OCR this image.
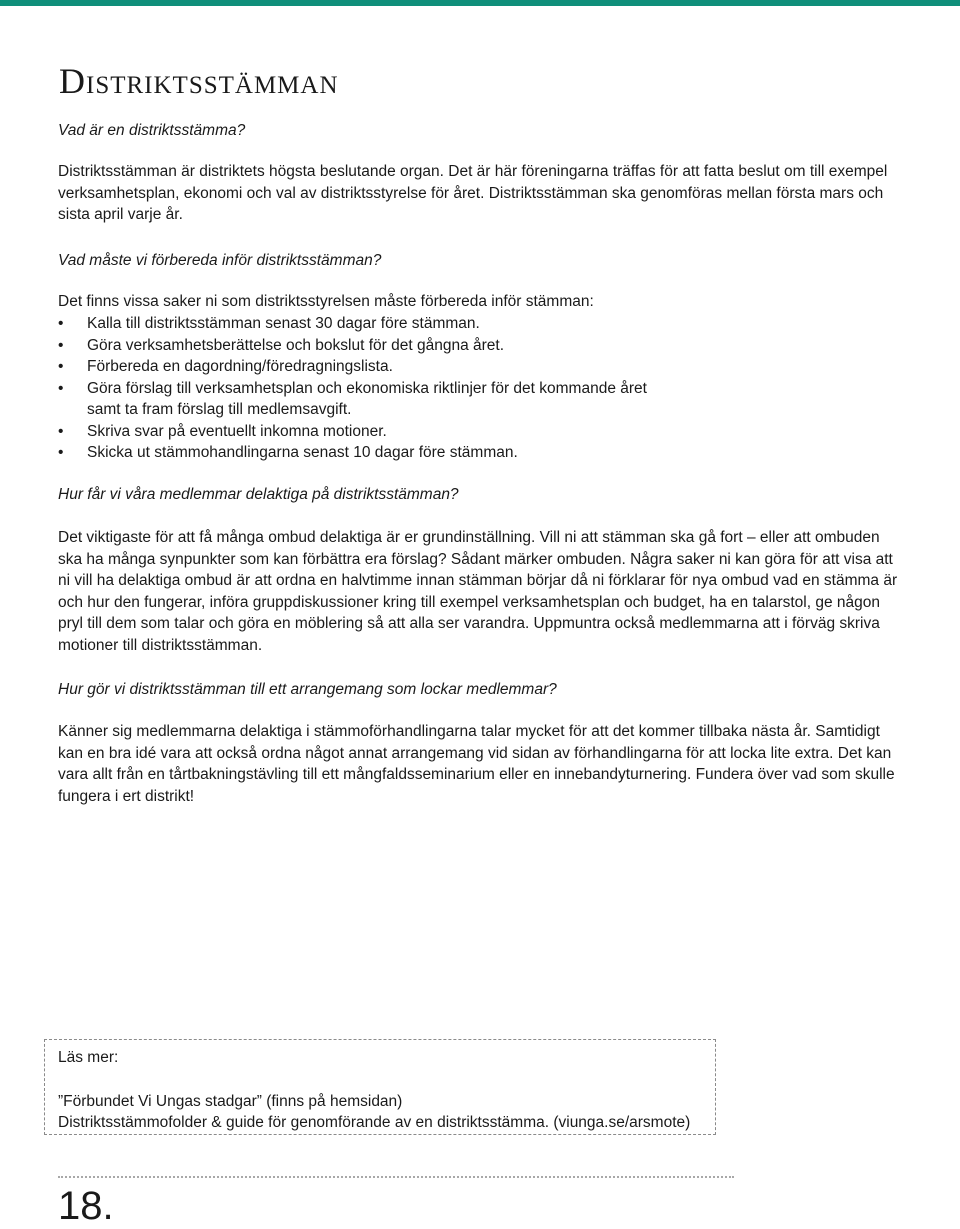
Distriktsstämman

Vad är en distriktsstämma?

Distriktsstämman är distriktets högsta beslutande organ. Det är här föreningarna träffas för att fatta beslut om till exempel verksamhetsplan, ekonomi och val av distriktsstyrelse för året. Distriktsstämman ska genomföras mellan första mars och sista april varje år.

Vad måste vi förbereda inför distriktsstämman?

Det finns vissa saker ni som distriktsstyrelsen måste förbereda inför stämman:

• Kalla till distriktsstämman senast 30 dagar före stämman.
• Göra verksamhetsberättelse och bokslut för det gångna året.
• Förbereda en dagordning/föredragningslista.
• Göra förslag till verksamhetsplan och ekonomiska riktlinjer för det kommande året samt ta fram förslag till medlemsavgift.
• Skriva svar på eventuellt inkomna motioner.
• Skicka ut stämmohandlingarna senast 10 dagar före stämman.

Hur får vi våra medlemmar delaktiga på distriktsstämman?

Det viktigaste för att få många ombud delaktiga är er grundinställning. Vill ni att stämman ska gå fort – eller att ombuden ska ha många synpunkter som kan förbättra era förslag? Sådant märker ombuden. Några saker ni kan göra för att visa att ni vill ha delaktiga ombud är att ordna en halvtimme innan stämman börjar då ni förklarar för nya ombud vad en stämma är och hur den fungerar, införa gruppdiskussioner kring till exempel verksamhetsplan och budget, ha en talarstol, ge någon pryl till dem som talar och göra en möblering så att alla ser varandra. Uppmuntra också medlemmarna att i förväg skriva motioner till distriktsstämman.

Hur gör vi distriktsstämman till ett arrangemang som lockar medlemmar?

Känner sig medlemmarna delaktiga i stämmoförhandlingarna talar mycket för att det kommer tillbaka nästa år. Samtidigt kan en bra idé vara att också ordna något annat arrangemang vid sidan av förhandlingarna för att locka lite extra. Det kan vara allt från en tårtbakningstävling till ett mångfaldsseminarium eller en innebandyturnering. Fundera över vad som skulle fungera i ert distrikt!

Läs mer:
”Förbundet Vi Ungas stadgar” (finns på hemsidan)
Distriktsstämmofolder & guide för genomförande av en distriktsstämma. (viunga.se/arsmote)
18.
